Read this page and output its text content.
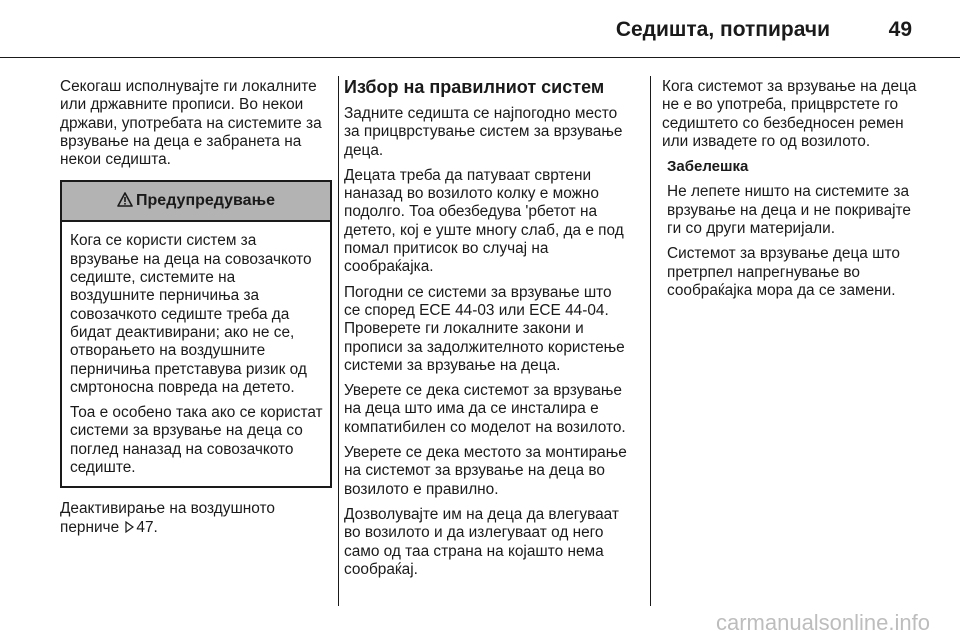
Седишта, потпирачи	49

Секогаш исполнувајте ги локалните или државните прописи. Во некои држави, употребата на системите за врзување на деца е забранета на некои седишта.

Предупредување

Кога се користи систем за врзување на деца на совозачкото седиште, системите на воздушните перничиња за совозачкото седиште треба да бидат деактивирани; ако не се, отворањето на воздушните перничиња претставува ризик од смртоносна повреда на детето.

Тоа е особено така ако се користат системи за врзување на деца со поглед наназад на совозачкото седиште.

Деактивирање на воздушното перниче 47.

Избор на правилниот систем

Задните седишта се најпогодно место за прицврстување систем за врзување деца.

Децата треба да патуваат свртени наназад во возилото колку е можно подолго. Тоа обезбедува 'рбетот на детето, кој е уште многу слаб, да е под помал притисок во случај на сообраќајка.

Погодни се системи за врзување што се според ECE 44-03 или ECE 44-04. Проверете ги локалните закони и прописи за задолжителното користење системи за врзување на деца.

Уверете се дека системот за врзување на деца што има да се инсталира е компатибилен со моделот на возилото.

Уверете се дека местото за монтирање на системот за врзување на деца во возилото е правилно.

Дозволувајте им на деца да влегуваат во возилото и да излегуваат од него само од таа страна на којашто нема сообраќај.

Кога системот за врзување на деца не е во употреба, прицврстете го седиштето со безбедносен ремен или извадете го од возилото.

Забелешка

Не лепете ништо на системите за врзување на деца и не покривајте ги со други материјали.

Системот за врзување деца што претрпел напрегнување во сообраќајка мора да се замени.

carmanualsonline.info
